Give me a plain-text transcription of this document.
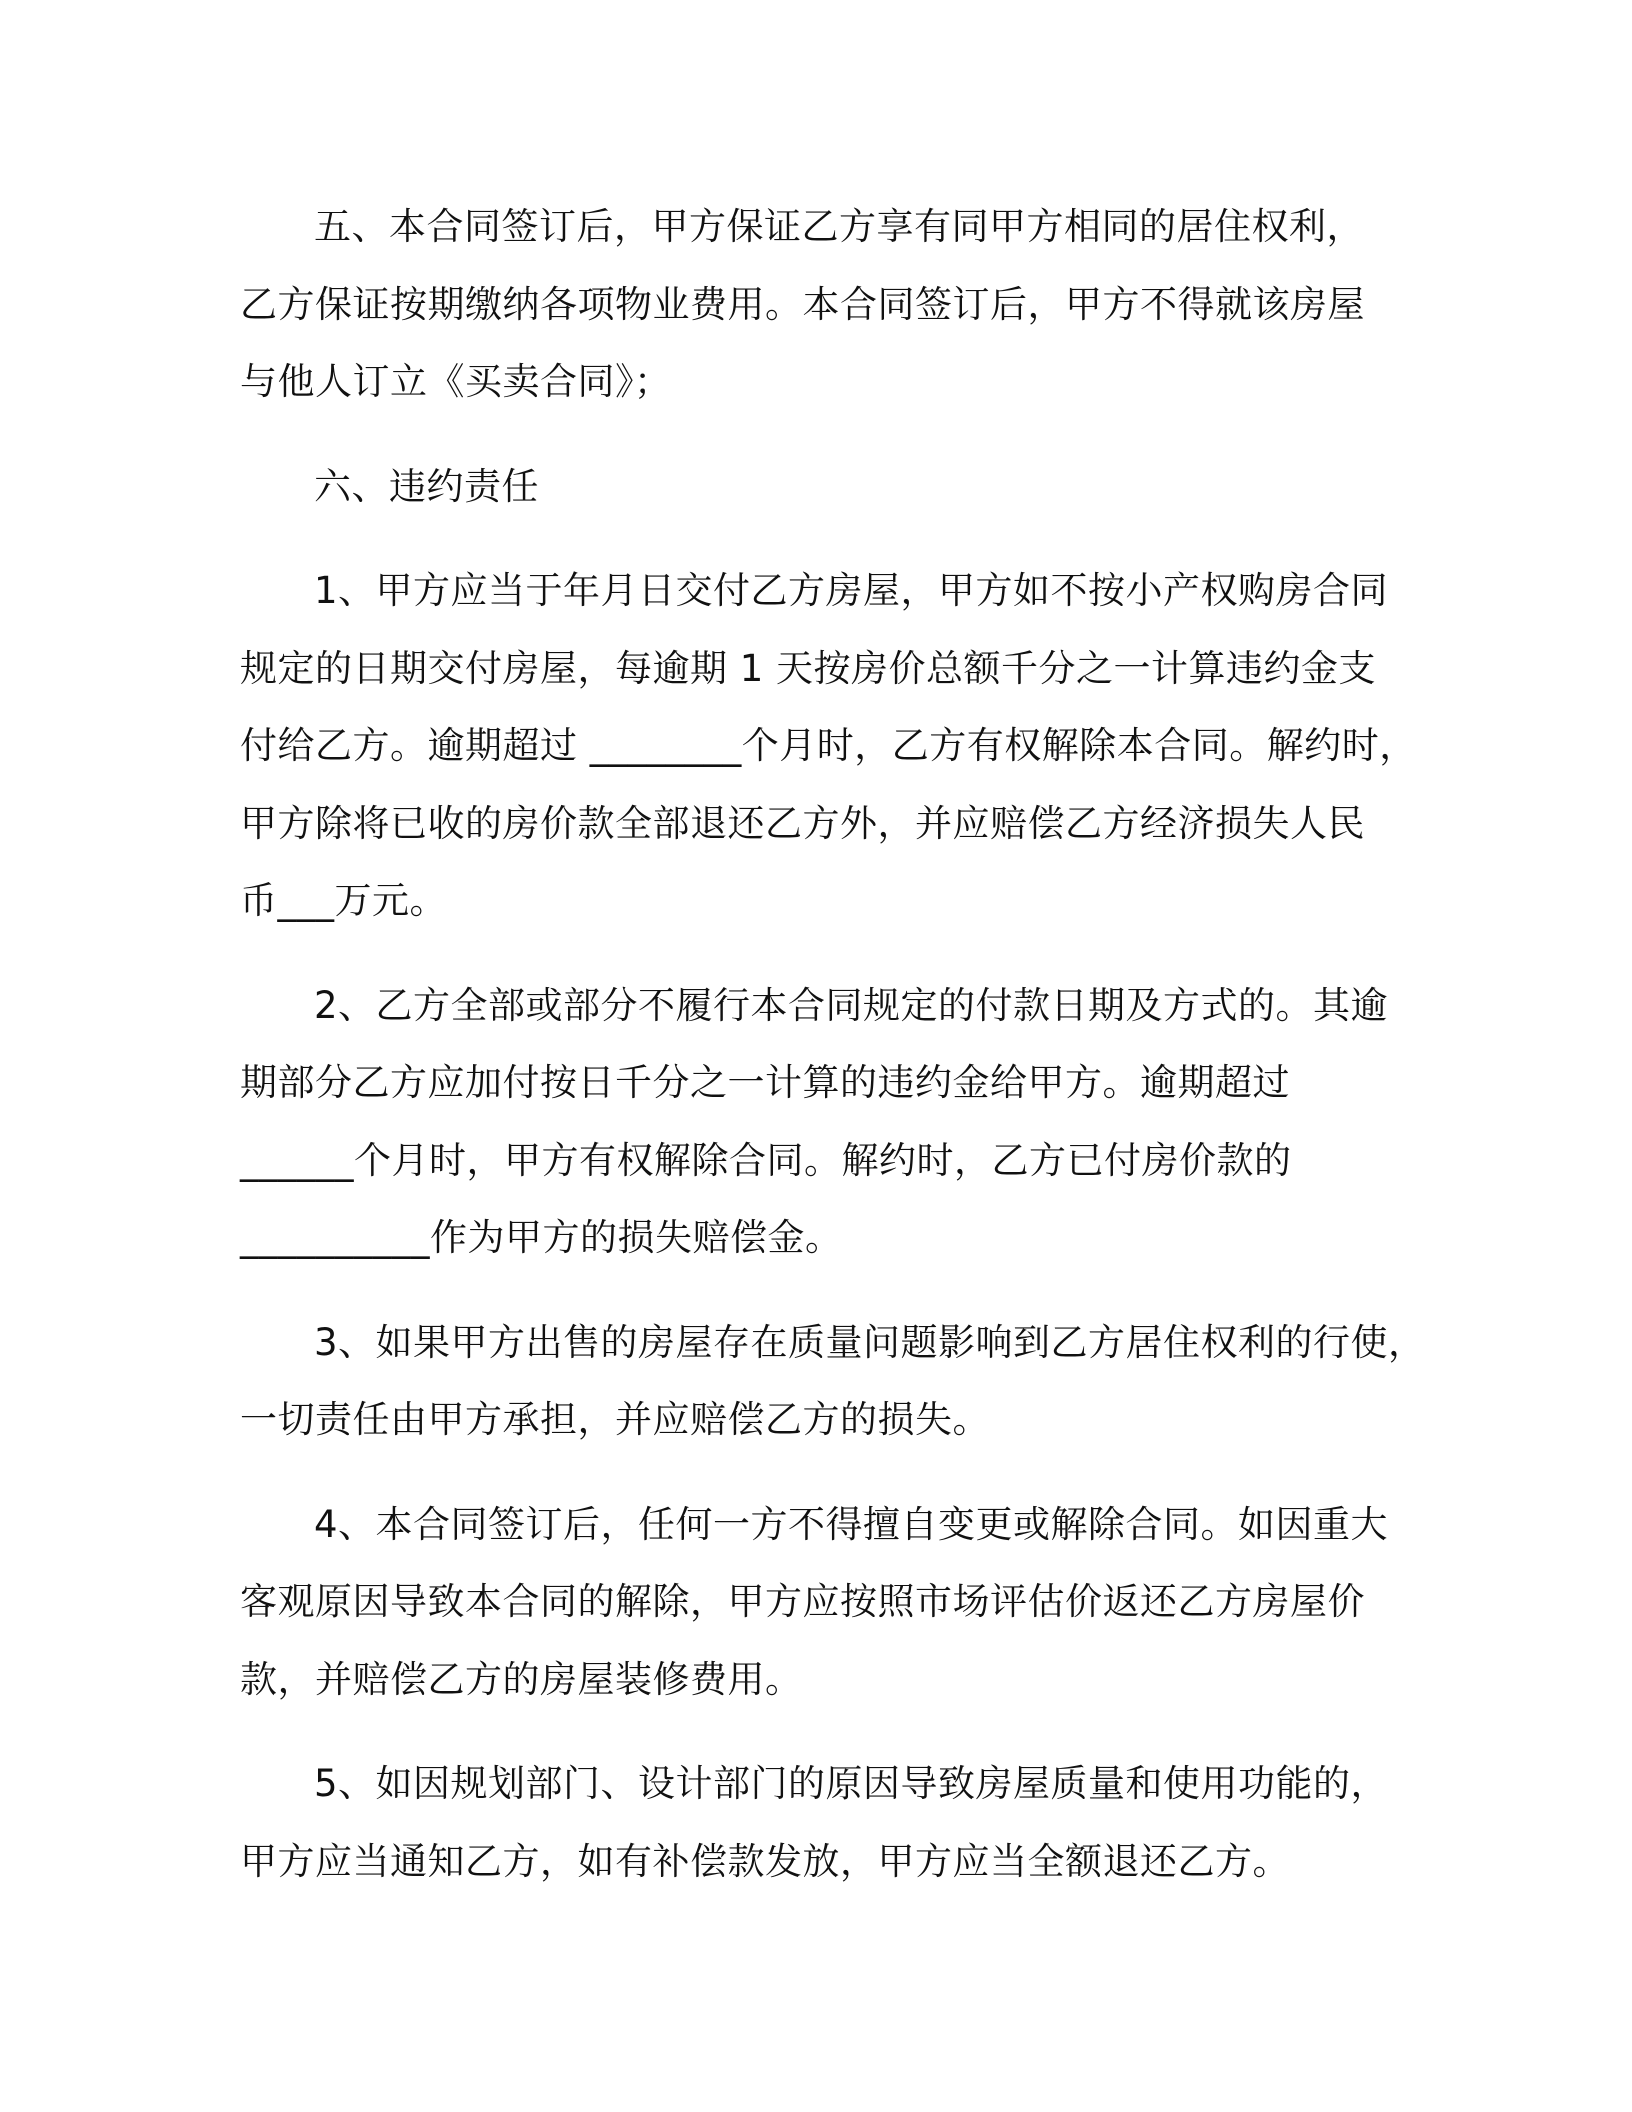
五、本合同签订后，甲方保证乙方享有同甲方相同的居住权利，
乙方保证按期缴纳各项物业费用。本合同签订后，甲方不得就该房屋
与他人订立《买卖合同》；

六、违约责任

1、甲方应当于年月日交付乙方房屋，甲方如不按小产权购房合同
规定的日期交付房屋，每逾期 1 天按房价总额千分之一计算违约金支
付给乙方。逾期超过 ________个月时，乙方有权解除本合同。解约时，
甲方除将已收的房价款全部退还乙方外，并应赔偿乙方经济损失人民
币___万元。

2、乙方全部或部分不履行本合同规定的付款日期及方式的。其逾
期部分乙方应加付按日千分之一计算的违约金给甲方。逾期超过
______个月时，甲方有权解除合同。解约时，乙方已付房价款的
__________作为甲方的损失赔偿金。

3、如果甲方出售的房屋存在质量问题影响到乙方居住权利的行使，
一切责任由甲方承担，并应赔偿乙方的损失。

4、本合同签订后，任何一方不得擅自变更或解除合同。如因重大
客观原因导致本合同的解除，甲方应按照市场评估价返还乙方房屋价
款，并赔偿乙方的房屋装修费用。

5、如因规划部门、设计部门的原因导致房屋质量和使用功能的，
甲方应当通知乙方，如有补偿款发放，甲方应当全额退还乙方。
